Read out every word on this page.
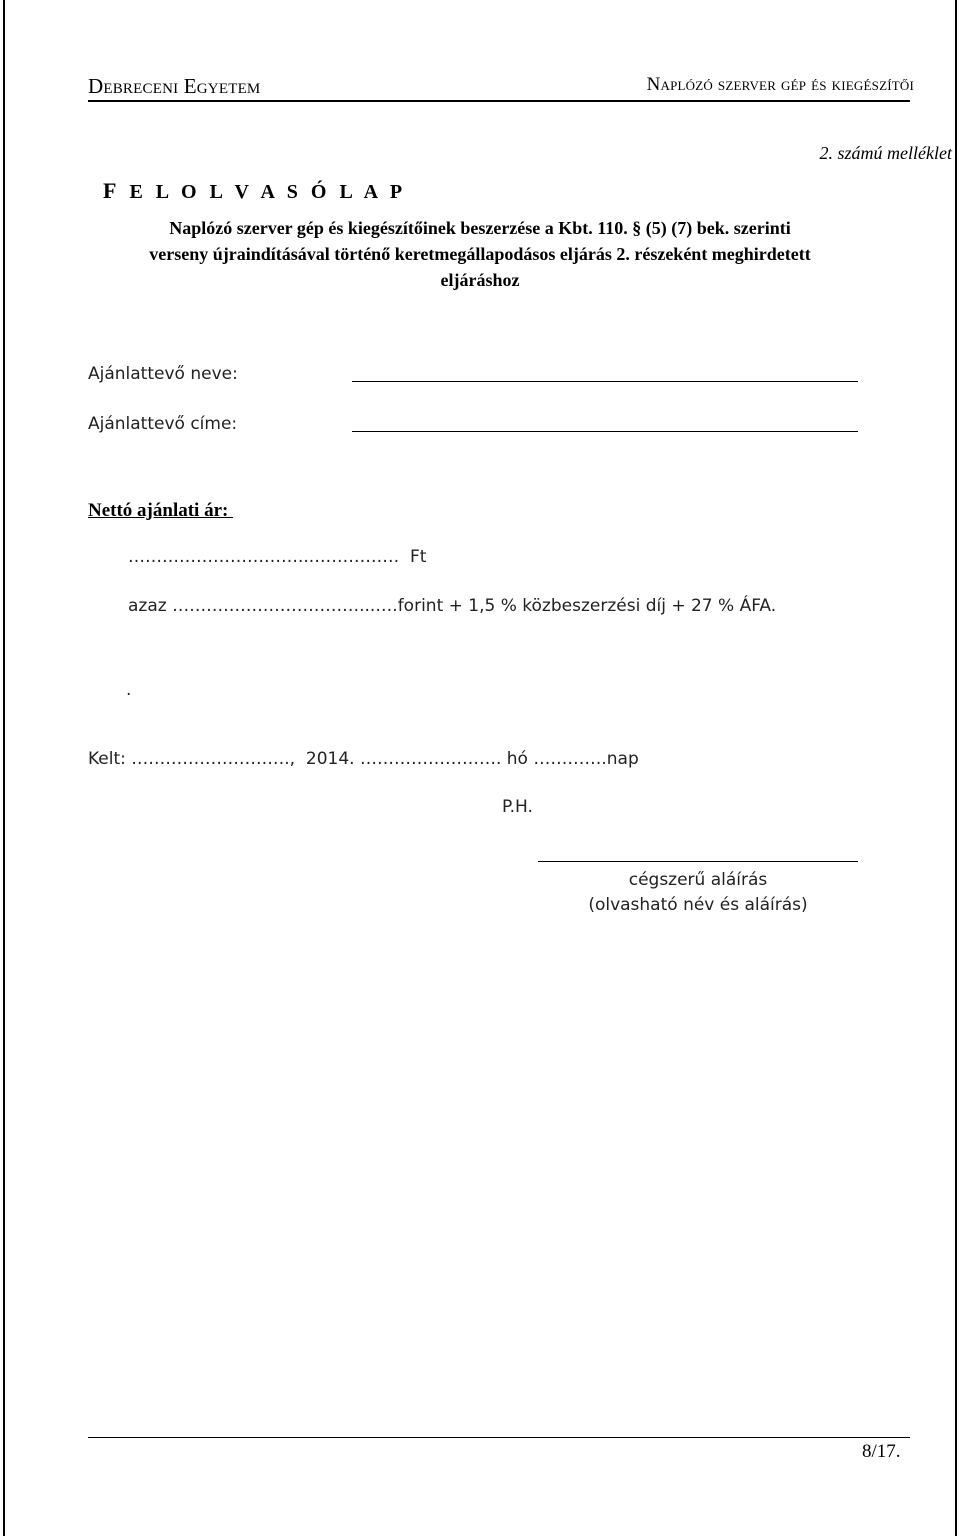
Debreceni Egyetem	Naplózó szerver gép és kiegészítői
2. számú melléklet
F E L O L V A S Ó L A P
Naplózó szerver gép és kiegészítőinek beszerzése a Kbt. 110. § (5) (7) bek. szerinti
verseny újraindításával történő keretmegállapodásos eljárás 2. részeként meghirdetett
eljáráshoz
Ajánlattevő neve:
Ajánlattevő címe:
Nettó ajánlati ár:
…………………………...……………  Ft
azaz ……………………………...….forint + 1,5 % közbeszerzési díj + 27 % ÁFA.
.
Kelt: ……………………….,  2014. ……………………. hó ………….nap
P.H.
cégszerű aláírás
(olvasható név és aláírás)
8/17.
